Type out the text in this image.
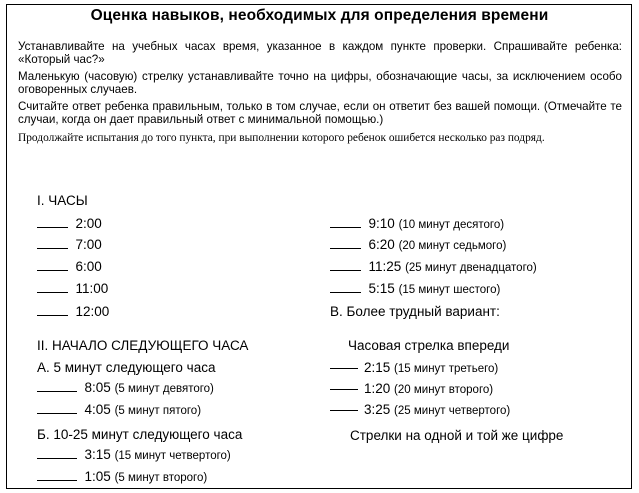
Оценка навыков, необходимых для определения времени
Устанавливайте на учебных часах время, указанное в каждом пункте проверки. Спрашивайте ребенка: «Который час?»
Маленькую (часовую) стрелку устанавливайте точно на цифры, обозначающие часы, за исключением особо оговоренных случаев.
Считайте ответ ребенка правильным, только в том случае, если он ответит без вашей помощи. (Отмечайте те случаи, когда он дает правильный ответ с минимальной помощью.)
Продолжайте испытания до того пункта, при выполнении которого ребенок ошибется несколько раз подряд.
I. ЧАСЫ
2:00
7:00
6:00
11:00
12:00
9:10 (10 минут десятого)
6:20 (20 минут седьмого)
11:25 (25 минут двенадцатого)
5:15 (15 минут шестого)
В. Более трудный вариант:
II. НАЧАЛО СЛЕДУЮЩЕГО ЧАСА
А. 5 минут следующего часа
8:05 (5 минут девятого)
4:05 (5 минут пятого)
Б. 10-25 минут следующего часа
3:15 (15 минут четвертого)
1:05 (5 минут второго)
Часовая стрелка впереди
2:15 (15 минут третьего)
1:20 (20 минут второго)
3:25 (25 минут четвертого)
Стрелки на одной и той же цифре
